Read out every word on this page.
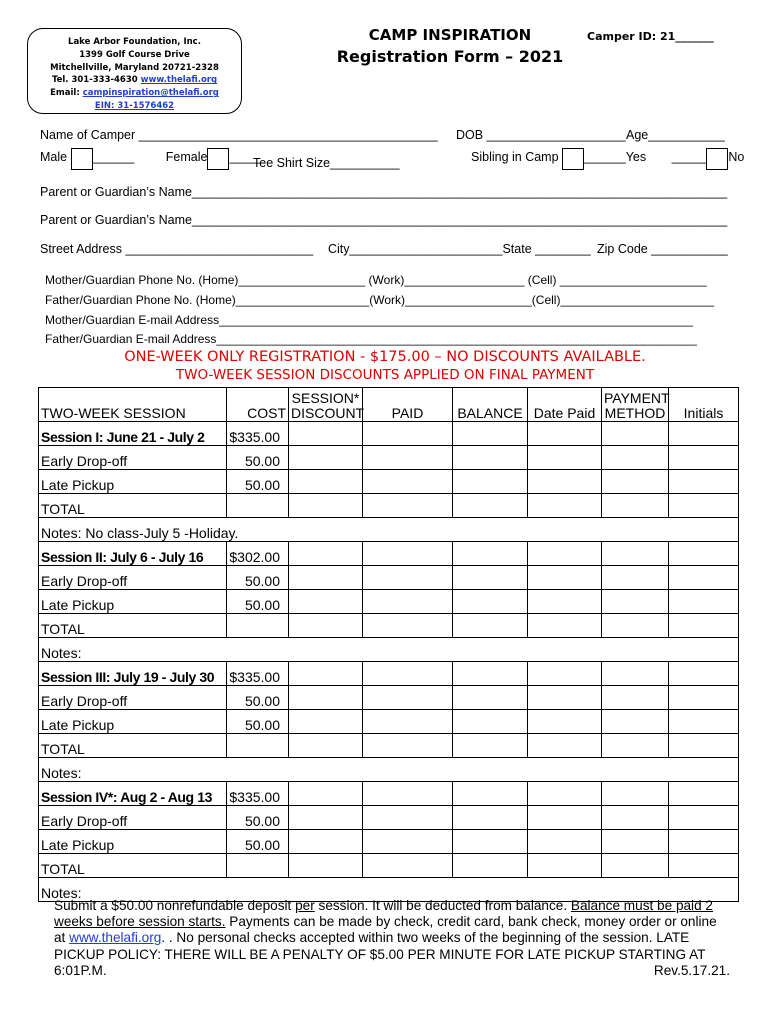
Lake Arbor Foundation, Inc.
1399 Golf Course Drive
Mitchellville, Maryland 20721-2328
Tel. 301-333-4630 www.thelafi.org
Email: campinspiration@thelafi.org
EIN: 31-1576462
CAMP INSPIRATION
Registration Form – 2021
Camper ID: 21_______
Name of Camper ___________________________________________ DOB ____________________ Age___________
Male ______	Female _____
Tee Shirt Size__________	Sibling in Camp ______Yes _____ No
Parent or Guardian’s Name_____________________________________________________________________________
Parent or Guardian’s Name_____________________________________________________________________________
Street Address ___________________________ City______________________State ________ Zip Code ___________
Mother/Guardian Phone No. (Home)___________________ (Work)__________________ (Cell) ______________________
Father/Guardian Phone No. (Home)____________________(Work)___________________(Cell)_______________________
Mother/Guardian E-mail Address_______________________________________________________________________
Father/Guardian E-mail Address________________________________________________________________________
ONE-WEEK ONLY REGISTRATION - $175.00 – NO DISCOUNTS AVAILABLE.
TWO-WEEK SESSION DISCOUNTS APPLIED ON FINAL PAYMENT
TWO-WEEK SESSION	COST	SESSION* DISCOUNT	PAID	BALANCE	Date Paid	PAYMENT METHOD	Initials
Session I: June 21 - July 2	$335.00						
Early Drop-off	50.00						
Late Pickup	50.00						
TOTAL							
Notes: No class-July 5 -Holiday.							
Session II: July 6 - July 16	$302.00						
Early Drop-off	50.00						
Late Pickup	50.00						
TOTAL							
Notes:							
Session III: July 19 - July 30	$335.00						
Early Drop-off	50.00						
Late Pickup	50.00						
TOTAL							
Notes:							
Session IV*: Aug 2 - Aug 13	$335.00						
Early Drop-off	50.00						
Late Pickup	50.00						
TOTAL							
Notes:							
Submit a $50.00 nonrefundable deposit per session. It will be deducted from balance. Balance must be paid 2 weeks before session starts. Payments can be made by check, credit card, bank check, money order or online at www.thelafi.org. . No personal checks accepted within two weeks of the beginning of the session. LATE PICKUP POLICY: THERE WILL BE A PENALTY OF $5.00 PER MINUTE FOR LATE PICKUP STARTING AT 6:01P.M.	Rev.5.17.21.
